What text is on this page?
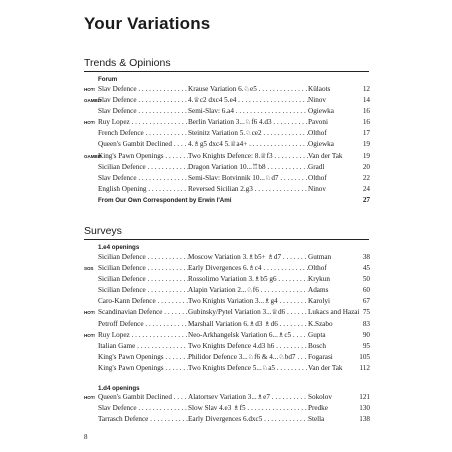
Your Variations
Trends & Opinions
Forum
HOT! Slav Defence . . .	Krause Variation 6.♘e5 . . .	Külaots	12
GAMBIT
Slav Defence . . .	4.♕c2 dxc4 5.e4 . . .	Ninov	14
Slav Defence . . .	Semi-Slav: 6.a4 . . .	Ogiewka	16
HOT! Ruy Lopez . . .	Berlin Variation 3...♘f6 4.d3 . . .	Pavoni	16
French Defence . . .	Steinitz Variation 5.♘ce2 . . .	Olthof	17
Queen's Gambit Declined . . .	4.♗g5 dxc4 5.♕a4+ . . .	Ogiewka	19
GAMBIT
King's Pawn Openings . . .	Two Knights Defence: 8.♕f3 . . .	Van der Tak	19
Sicilian Defence . . .	Dragon Variation 10...♖b8 . . .	Gradl	20
Slav Defence . . .	Semi-Slav: Botvinnik 10...♘d7 . . .	Olthof	22
English Opening . . .	Reversed Sicilian 2.g3 . . .	Ninov	24
From Our Own Correspondent by Erwin l'Ami	27
Surveys
1.e4 openings
Sicilian Defence . . .	Moscow Variation 3.♗b5+ ♗d7 . . .	Gutman	38
SOS Sicilian Defence . . .	Early Divergences 6.♗c4 . . .	Olthof	45
Sicilian Defence . . .	Rossolimo Variation 3.♗b5 g6 . . .	Krykun	50
Sicilian Defence . . .	Alapin Variation 2...♘f6 . . .	Adams	60
Caro-Kann Defence . . .	Two Knights Variation 3...♗g4 . . .	Karolyi	67
HOT! Scandinavian Defence . . .	Gubinsky/Pytel Variation 3...♕d6 . . .	Lukacs and Hazai 75
Petroff Defence . . .	Marshall Variation 6.♗d3 ♗d6 . . .	K.Szabo	83
HOT! Ruy Lopez . . .	Neo-Arkhangelsk Variation 6...♗c5 . . .	Gupta	90
Italian Game . . .	Two Knights Defence 4.d3 h6 . . .	Bosch	95
King's Pawn Openings . . .	Philidor Defence 3...♘f6 & 4...♘bd7 . . .	Fogarasi	105
King's Pawn Openings . . .	Two Knights Defence 5...♘a5 . . .	Van der Tak	112
1.d4 openings
HOT! Queen's Gambit Declined . . .	Alatortsev Variation 3...♗e7 . . .	Sokolov	121
Slav Defence . . .	Slow Slav 4.e3 ♗f5 . . .	Predke	130
Tarrasch Defence . . .	Early Divergences 6.dxc5 . . .	Stella	138
8
